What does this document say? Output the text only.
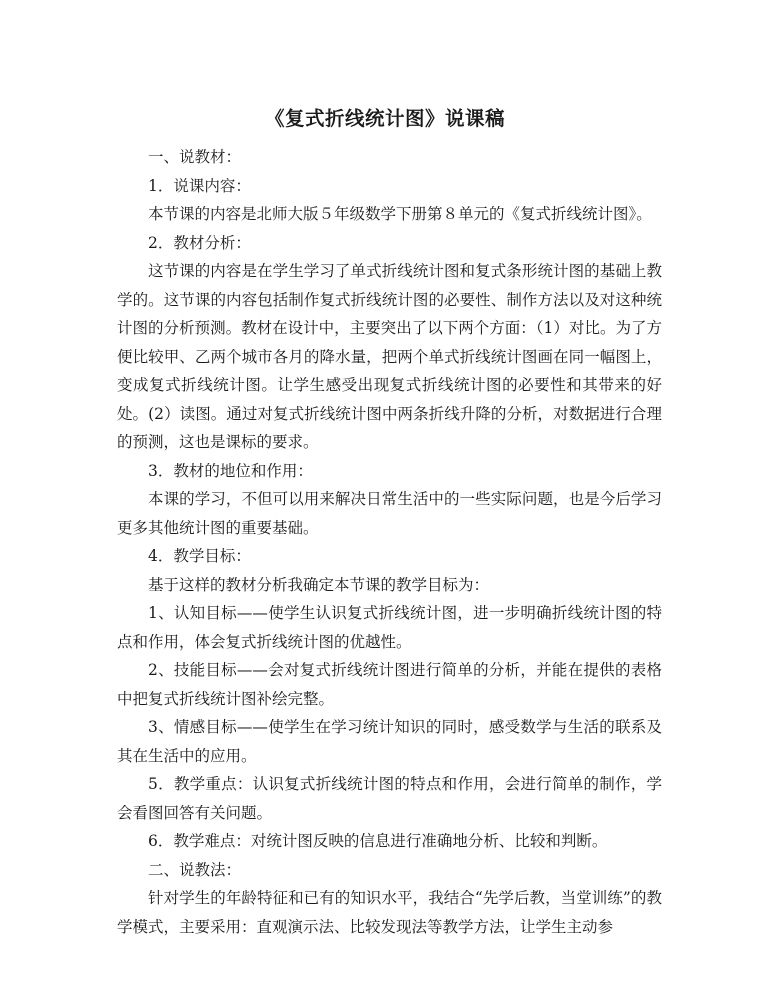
《复式折线统计图》说课稿

一、说教材：

1．说课内容：

本节课的内容是北师大版５年级数学下册第８单元的《复式折线统计图》。

2．教材分析：

这节课的内容是在学生学习了单式折线统计图和复式条形统计图的基础上教学的。这节课的内容包括制作复式折线统计图的必要性、制作方法以及对这种统计图的分析预测。教材在设计中，主要突出了以下两个方面：（1）对比。为了方便比较甲、乙两个城市各月的降水量，把两个单式折线统计图画在同一幅图上，变成复式折线统计图。让学生感受出现复式折线统计图的必要性和其带来的好处。(2）读图。通过对复式折线统计图中两条折线升降的分析，对数据进行合理的预测，这也是课标的要求。

3．教材的地位和作用：

本课的学习，不但可以用来解决日常生活中的一些实际问题，也是今后学习更多其他统计图的重要基础。

4．教学目标：

基于这样的教材分析我确定本节课的教学目标为：

1、认知目标——使学生认识复式折线统计图，进一步明确折线统计图的特点和作用，体会复式折线统计图的优越性。

2、技能目标——会对复式折线统计图进行简单的分析，并能在提供的表格中把复式折线统计图补绘完整。

3、情感目标——使学生在学习统计知识的同时，感受数学与生活的联系及其在生活中的应用。

5．教学重点：认识复式折线统计图的特点和作用，会进行简单的制作，学会看图回答有关问题。

6．教学难点：对统计图反映的信息进行准确地分析、比较和判断。

二、说教法：

针对学生的年龄特征和已有的知识水平，我结合“先学后教，当堂训练”的教学模式，主要采用：直观演示法、比较发现法等教学方法，让学生主动参
